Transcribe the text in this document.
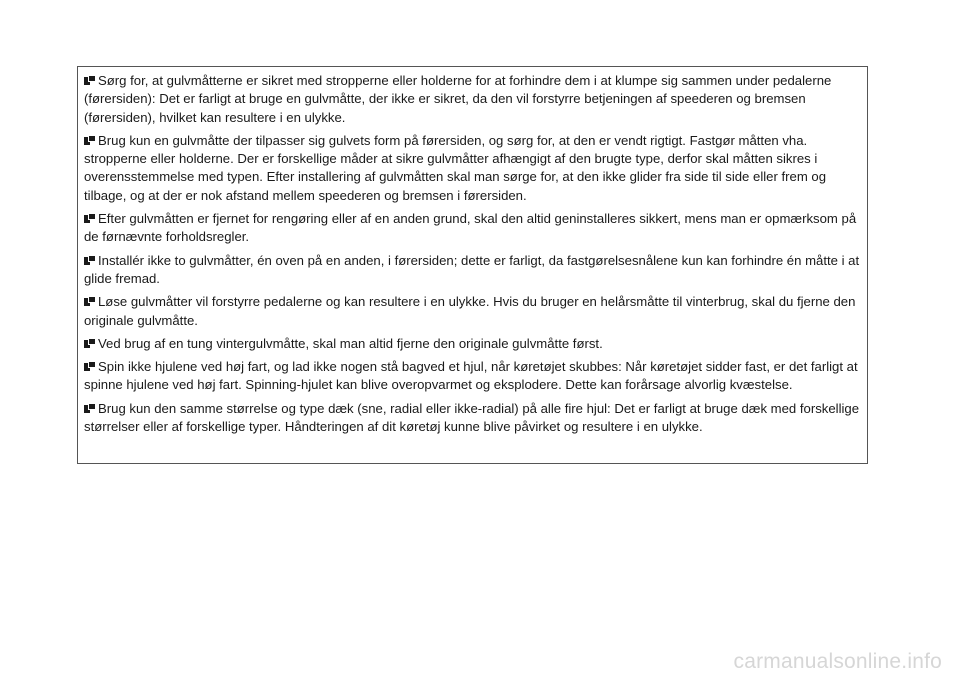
Sørg for, at gulvmåtterne er sikret med stropperne eller holderne for at forhindre dem i at klumpe sig sammen under pedalerne (førersiden): Det er farligt at bruge en gulvmåtte, der ikke er sikret, da den vil forstyrre betjeningen af speederen og bremsen (førersiden), hvilket kan resultere i en ulykke.

Brug kun en gulvmåtte der tilpasser sig gulvets form på førersiden, og sørg for, at den er vendt rigtigt. Fastgør måtten vha. stropperne eller holderne. Der er forskellige måder at sikre gulvmåtter afhængigt af den brugte type, derfor skal måtten sikres i overensstemmelse med typen. Efter installering af gulvmåtten skal man sørge for, at den ikke glider fra side til side eller frem og tilbage, og at der er nok afstand mellem speederen og bremsen i førersiden.

Efter gulvmåtten er fjernet for rengøring eller af en anden grund, skal den altid geninstalleres sikkert, mens man er opmærksom på de førnævnte forholdsregler.

Installér ikke to gulvmåtter, én oven på en anden, i førersiden; dette er farligt, da fastgørelsesnålene kun kan forhindre én måtte i at glide fremad.

Løse gulvmåtter vil forstyrre pedalerne og kan resultere i en ulykke. Hvis du bruger en helårsmåtte til vinterbrug, skal du fjerne den originale gulvmåtte.

Ved brug af en tung vintergulvmåtte, skal man altid fjerne den originale gulvmåtte først.

Spin ikke hjulene ved høj fart, og lad ikke nogen stå bagved et hjul, når køretøjet skubbes: Når køretøjet sidder fast, er det farligt at spinne hjulene ved høj fart. Spinning-hjulet kan blive overopvarmet og eksplodere. Dette kan forårsage alvorlig kvæstelse.

Brug kun den samme størrelse og type dæk (sne, radial eller ikke-radial) på alle fire hjul: Det er farligt at bruge dæk med forskellige størrelser eller af forskellige typer. Håndteringen af dit køretøj kunne blive påvirket og resultere i en ulykke.

carmanualsonline.info
